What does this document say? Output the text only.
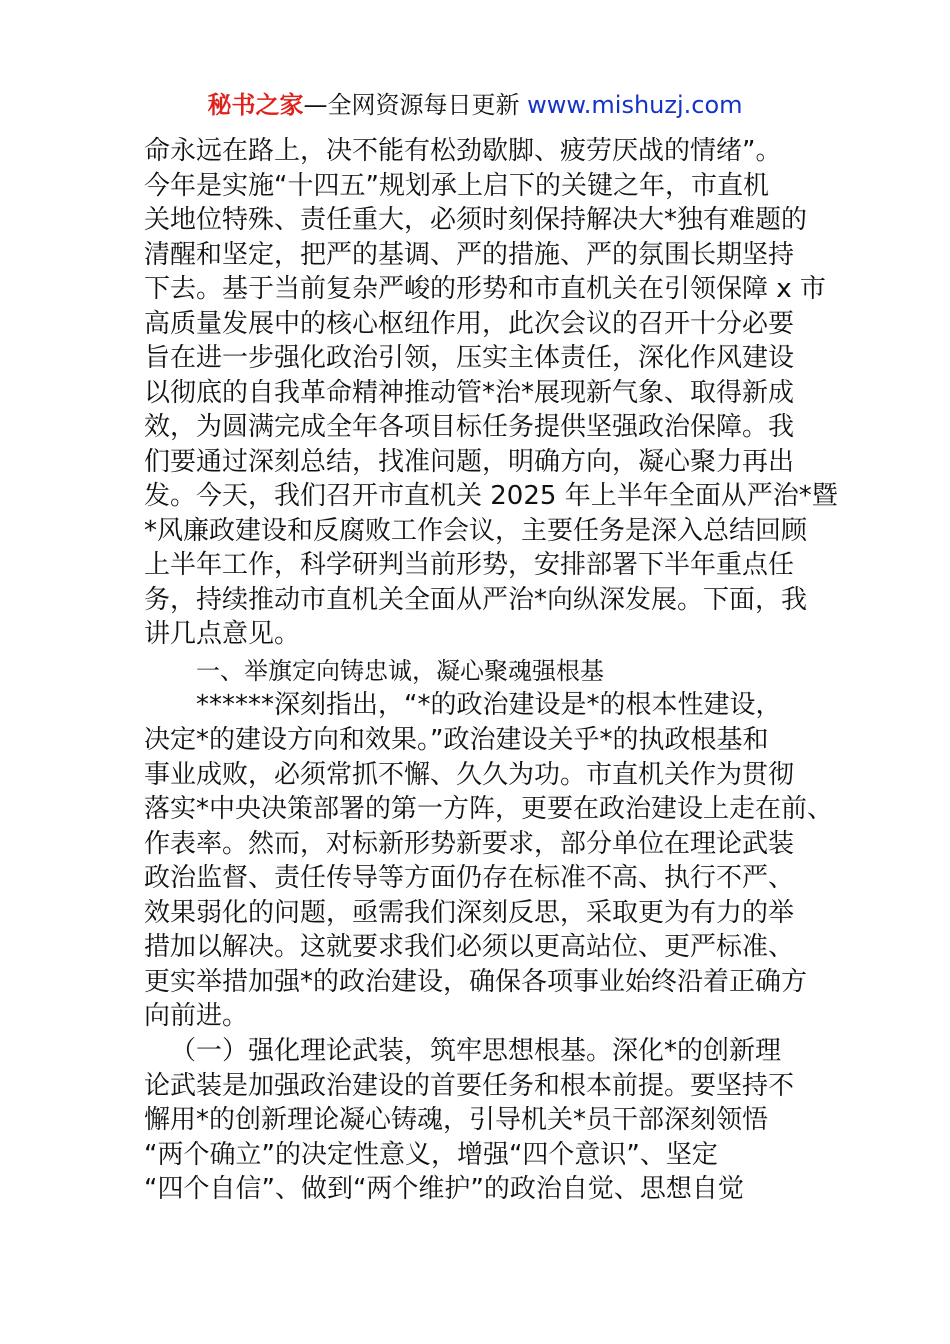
秘书之家—全网资源每日更新 www.mishuzj.com
命永远在路上，决不能有松劲歇脚、疲劳厌战的情绪”。
今年是实施“十四五”规划承上启下的关键之年，市直机
关地位特殊、责任重大，必须时刻保持解决大*独有难题的
清醒和坚定，把严的基调、严的措施、严的氛围长期坚持
下去。基于当前复杂严峻的形势和市直机关在引领保障 x 市
高质量发展中的核心枢纽作用，此次会议的召开十分必要
旨在进一步强化政治引领，压实主体责任，深化作风建设
以彻底的自我革命精神推动管*治*展现新气象、取得新成
效，为圆满完成全年各项目标任务提供坚强政治保障。我
们要通过深刻总结，找准问题，明确方向，凝心聚力再出
发。今天，我们召开市直机关 2025 年上半年全面从严治*暨
*风廉政建设和反腐败工作会议，主要任务是深入总结回顾
上半年工作，科学研判当前形势，安排部署下半年重点任
务，持续推动市直机关全面从严治*向纵深发展。下面，我
讲几点意见。
一、举旗定向铸忠诚，凝心聚魂强根基
******深刻指出，“*的政治建设是*的根本性建设，
决定*的建设方向和效果。”政治建设关乎*的执政根基和
事业成败，必须常抓不懈、久久为功。市直机关作为贯彻
落实*中央决策部署的第一方阵，更要在政治建设上走在前、
作表率。然而，对标新形势新要求，部分单位在理论武装
政治监督、责任传导等方面仍存在标准不高、执行不严、
效果弱化的问题，亟需我们深刻反思，采取更为有力的举
措加以解决。这就要求我们必须以更高站位、更严标准、
更实举措加强*的政治建设，确保各项事业始终沿着正确方
向前进。
（一）强化理论武装，筑牢思想根基。深化*的创新理
论武装是加强政治建设的首要任务和根本前提。要坚持不
懈用*的创新理论凝心铸魂，引导机关*员干部深刻领悟
“两个确立”的决定性意义，增强“四个意识”、坚定
“四个自信”、做到“两个维护”的政治自觉、思想自觉
